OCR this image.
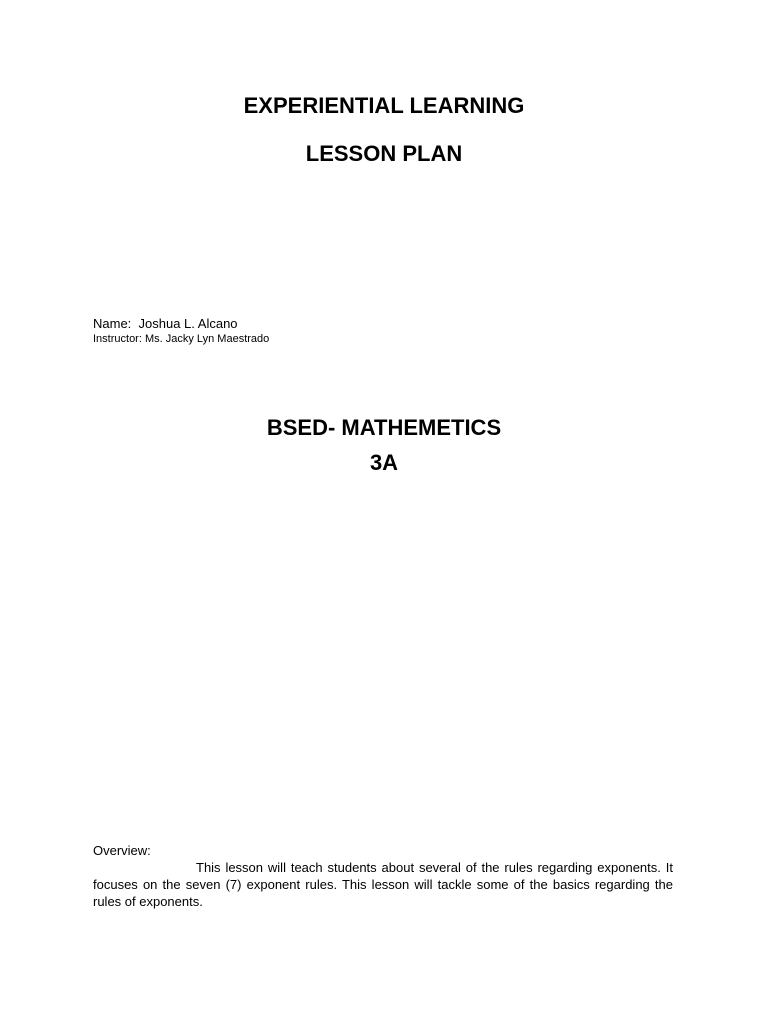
EXPERIENTIAL LEARNING
LESSON PLAN
Name:  Joshua L. Alcano
Instructor: Ms. Jacky Lyn Maestrado
BSED- MATHEMETICS
3A
Overview:
This lesson will teach students about several of the rules regarding exponents. It focuses on the seven (7) exponent rules. This lesson will tackle some of the basics regarding the rules of exponents.
